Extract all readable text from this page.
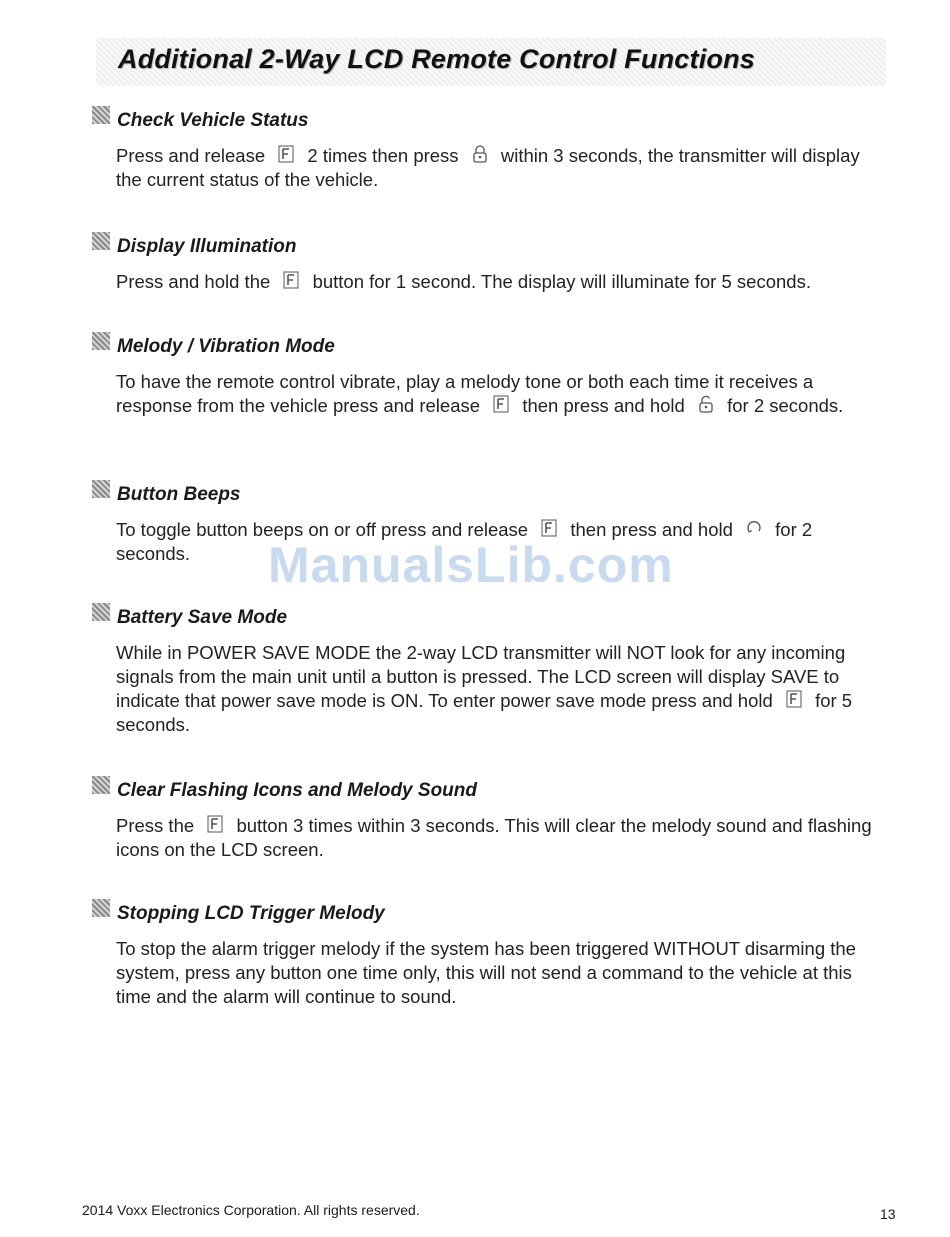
Additional 2-Way LCD Remote Control Functions
Check Vehicle Status

Press and release 2 times then press within 3 seconds, the transmitter will display the current status of the vehicle.

Display Illumination

Press and hold the button for 1 second. The display will illuminate for 5 seconds.

Melody / Vibration Mode

To have the remote control vibrate, play a melody tone or both each time it receives a response from the vehicle press and release then press and hold for 2 seconds.

Button Beeps

To toggle button beeps on or off press and release then press and hold for 2 seconds.	ManualsLib.com
Battery Save Mode

While in POWER SAVE MODE the 2-way LCD transmitter will NOT look for any incoming signals from the main unit until a button is pressed. The LCD screen will display SAVE to indicate that power save mode is ON. To enter power save mode press and hold for 5 seconds.

Clear Flashing Icons and Melody Sound

Press the button 3 times within 3 seconds. This will clear the melody sound and flashing icons on the LCD screen.

Stopping LCD Trigger Melody

To stop the alarm trigger melody if the system has been triggered WITHOUT disarming the system, press any button one time only, this will not send a command to the vehicle at this time and the alarm will continue to sound.

2014 Voxx Electronics Corporation. All rights reserved.	13
